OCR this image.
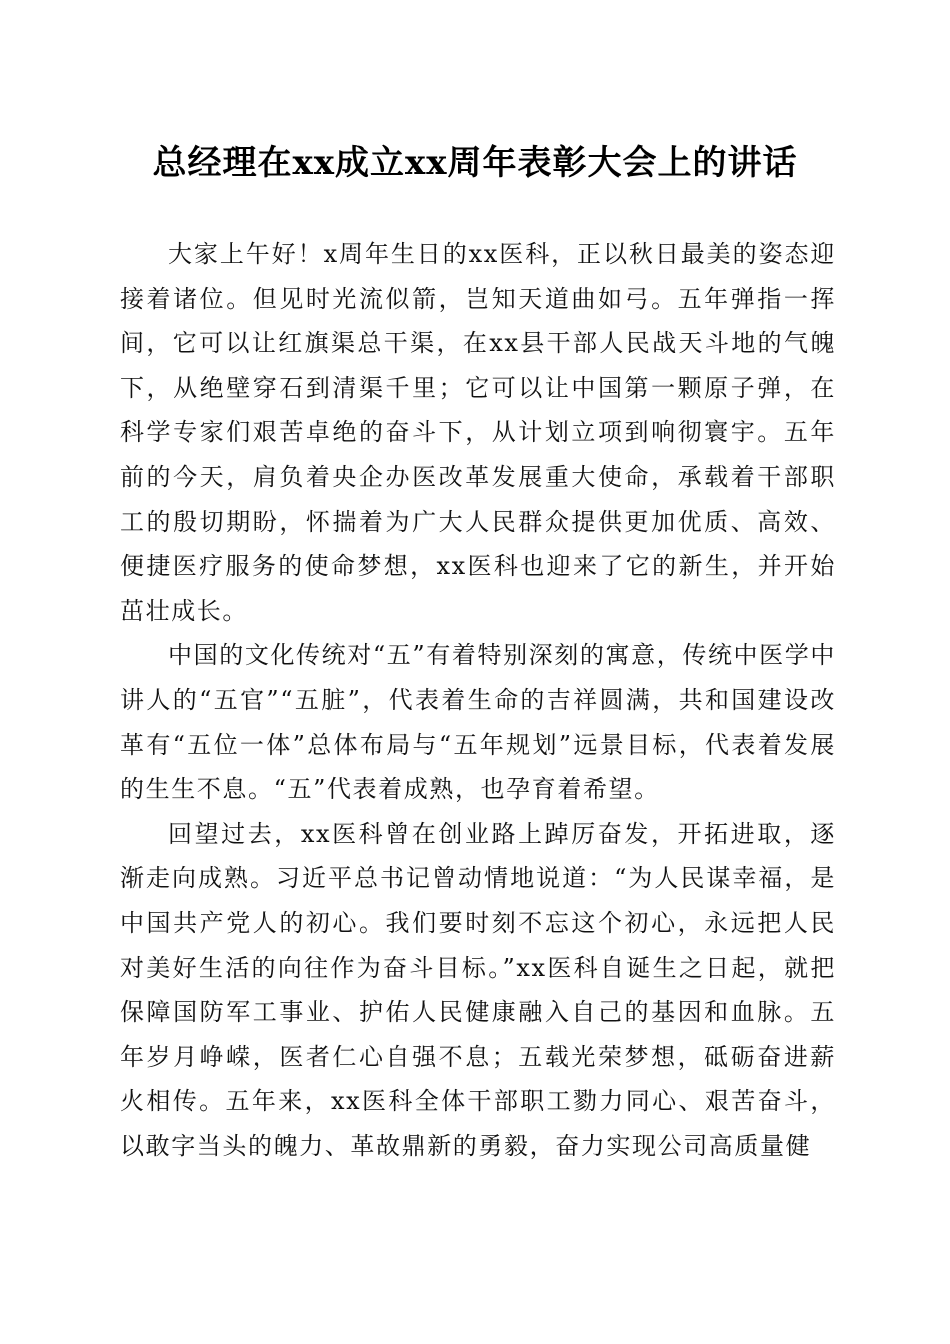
总经理在xx成立xx周年表彰大会上的讲话

大家上午好！x周年生日的xx医科，正以秋日最美的姿态迎接着诸位。但见时光流似箭，岂知天道曲如弓。五年弹指一挥间，它可以让红旗渠总干渠，在xx县干部人民战天斗地的气魄下，从绝壁穿石到清渠千里；它可以让中国第一颗原子弹，在科学专家们艰苦卓绝的奋斗下，从计划立项到响彻寰宇。五年前的今天，肩负着央企办医改革发展重大使命，承载着干部职工的殷切期盼，怀揣着为广大人民群众提供更加优质、高效、便捷医疗服务的使命梦想，xx医科也迎来了它的新生，并开始茁壮成长。

中国的文化传统对“五”有着特别深刻的寓意，传统中医学中讲人的“五官”“五脏”，代表着生命的吉祥圆满，共和国建设改革有“五位一体”总体布局与“五年规划”远景目标，代表着发展的生生不息。“五”代表着成熟，也孕育着希望。

回望过去，xx医科曾在创业路上踔厉奋发，开拓进取，逐渐走向成熟。习近平总书记曾动情地说道：“为人民谋幸福，是中国共产党人的初心。我们要时刻不忘这个初心，永远把人民对美好生活的向往作为奋斗目标。”xx医科自诞生之日起，就把保障国防军工事业、护佑人民健康融入自己的基因和血脉。五年岁月峥嵘，医者仁心自强不息；五载光荣梦想，砥砺奋进薪火相传。五年来，xx医科全体干部职工勠力同心、艰苦奋斗，以敢字当头的魄力、革故鼎新的勇毅，奋力实现公司高质量健
